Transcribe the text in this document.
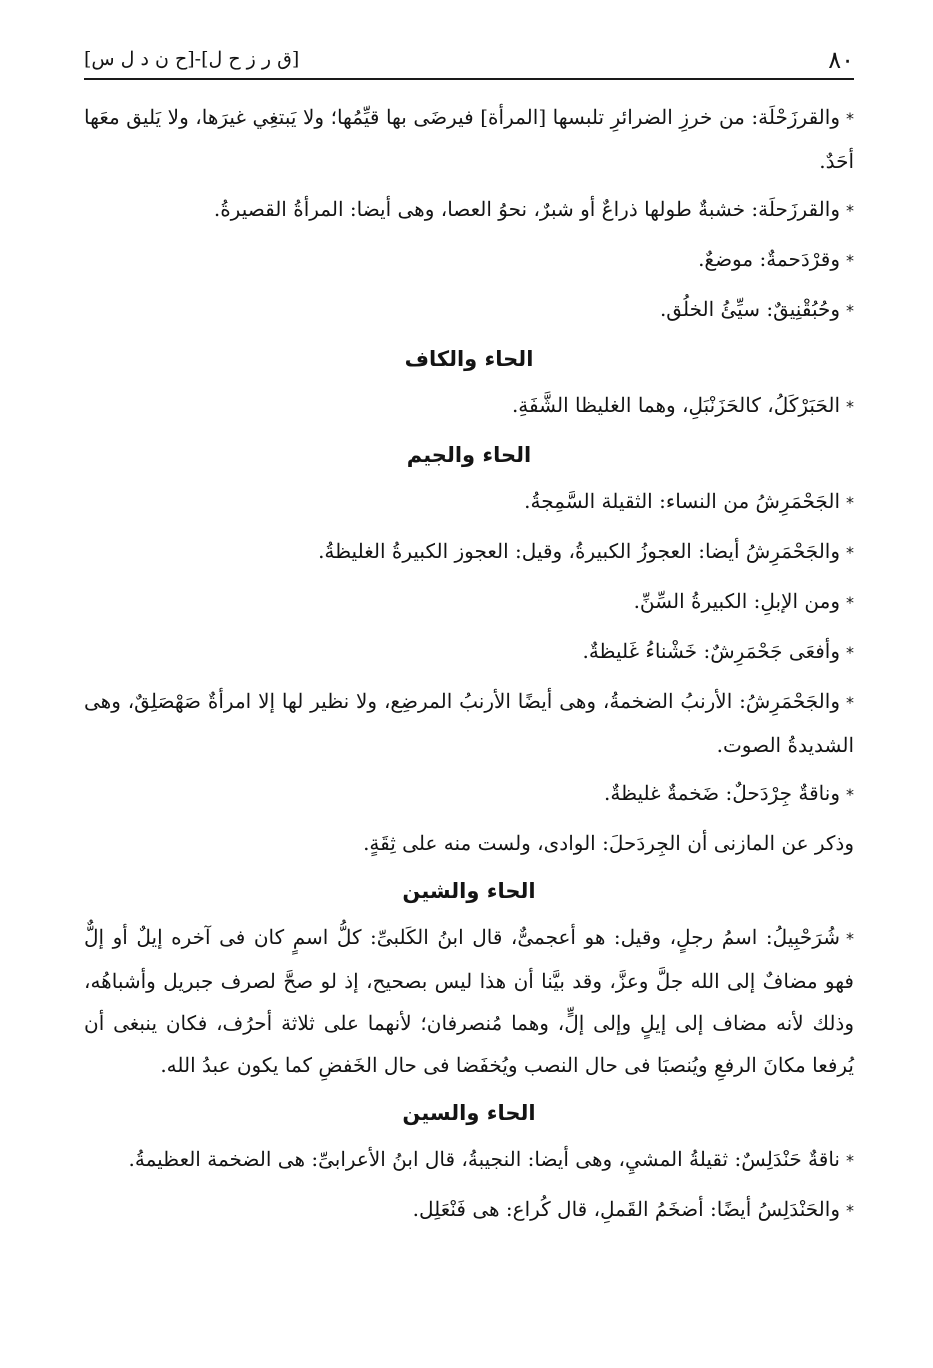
٨٠
[ق ر ز ح ل]-[ح ن د ل س]

*والقرزَحْلَة: من خرزِ الضرائرِ تلبسها [المرأة] فيرضَى بها قيِّمُها؛ ولا يَبتغِي غيرَها، ولا يَليق معَها أحَدٌ.

*والقرزَحلَة: خشبةٌ طولها ذراعٌ أو شبرٌ، نحوُ العصا، وهى أيضا: المرأةُ القصيرةُ.

*وقرْدَحمةٌ: موضعٌ.

*وحُبُقْنِيقٌ: سيِّئُ الخلُق.

الحاء والكاف

*الحَبَرْكَلُ، كالحَزَنْبَلِ، وهما الغليظا الشَّفَةِ.

الحاء والجيم

*الجَحْمَرِشُ من النساء: الثقيلة السَّمِجةُ.

*والجَحْمَرِشُ أيضا: العجوزُ الكبيرةُ، وقيل: العجوز الكبيرةُ الغليظةُ.

*ومن الإبلِ: الكبيرةُ السِّنِّ.

*وأفعَى جَحْمَرِشٌ: خَشْناءُ غَليظةٌ.

*والجَحْمَرِشُ: الأرنبُ الضخمةُ، وهى أيضًا الأرنبُ المرضِع، ولا نظير لها إلا امرأةٌ صَهْصَلِقٌ، وهى الشديدةُ الصوت.

*وناقةٌ جِرْدَحلٌ: ضَخمةٌ غليظةٌ.

وذكر عن المازنى أن الجِردَحلَ: الوادى، ولست منه على ثِقَةٍ.

الحاء والشين

*شُرَحْبِيلُ: اسمُ رجلٍ، وقيل: هو أعجمىٌّ، قال ابنُ الكَلبىِّ: كلُّ اسمٍ كان فى آخره إيلٌ أو إلٌّ فهو مضافٌ إلى الله جلَّ وعزَّ، وقد بيَّنا أن هذا ليس بصحيح، إذ لو صحَّ لصرف جبريل وأشباهُه، وذلك لأنه مضاف إلى إيلٍ وإلى إلٍّ، وهما مُنصرفان؛ لأنهما على ثلاثة أحرُف، فكان ينبغى أن يُرفعا مكانَ الرفعِ ويُنصبَا فى حال النصب ويُخفَضا فى حال الخَفضِ كما يكون عبدُ الله.

الحاء والسين

*ناقةٌ حَنْدَلِسٌ: ثقيلةُ المشيِ، وهى أيضا: النجيبةُ، قال ابنُ الأعرابىِّ: هى الضخمة العظيمةُ.

*والحَنْدَلِسُ أيضًا: أضخَمُ القَملِ، قال كُراع: هى فَنْعَلِل.
